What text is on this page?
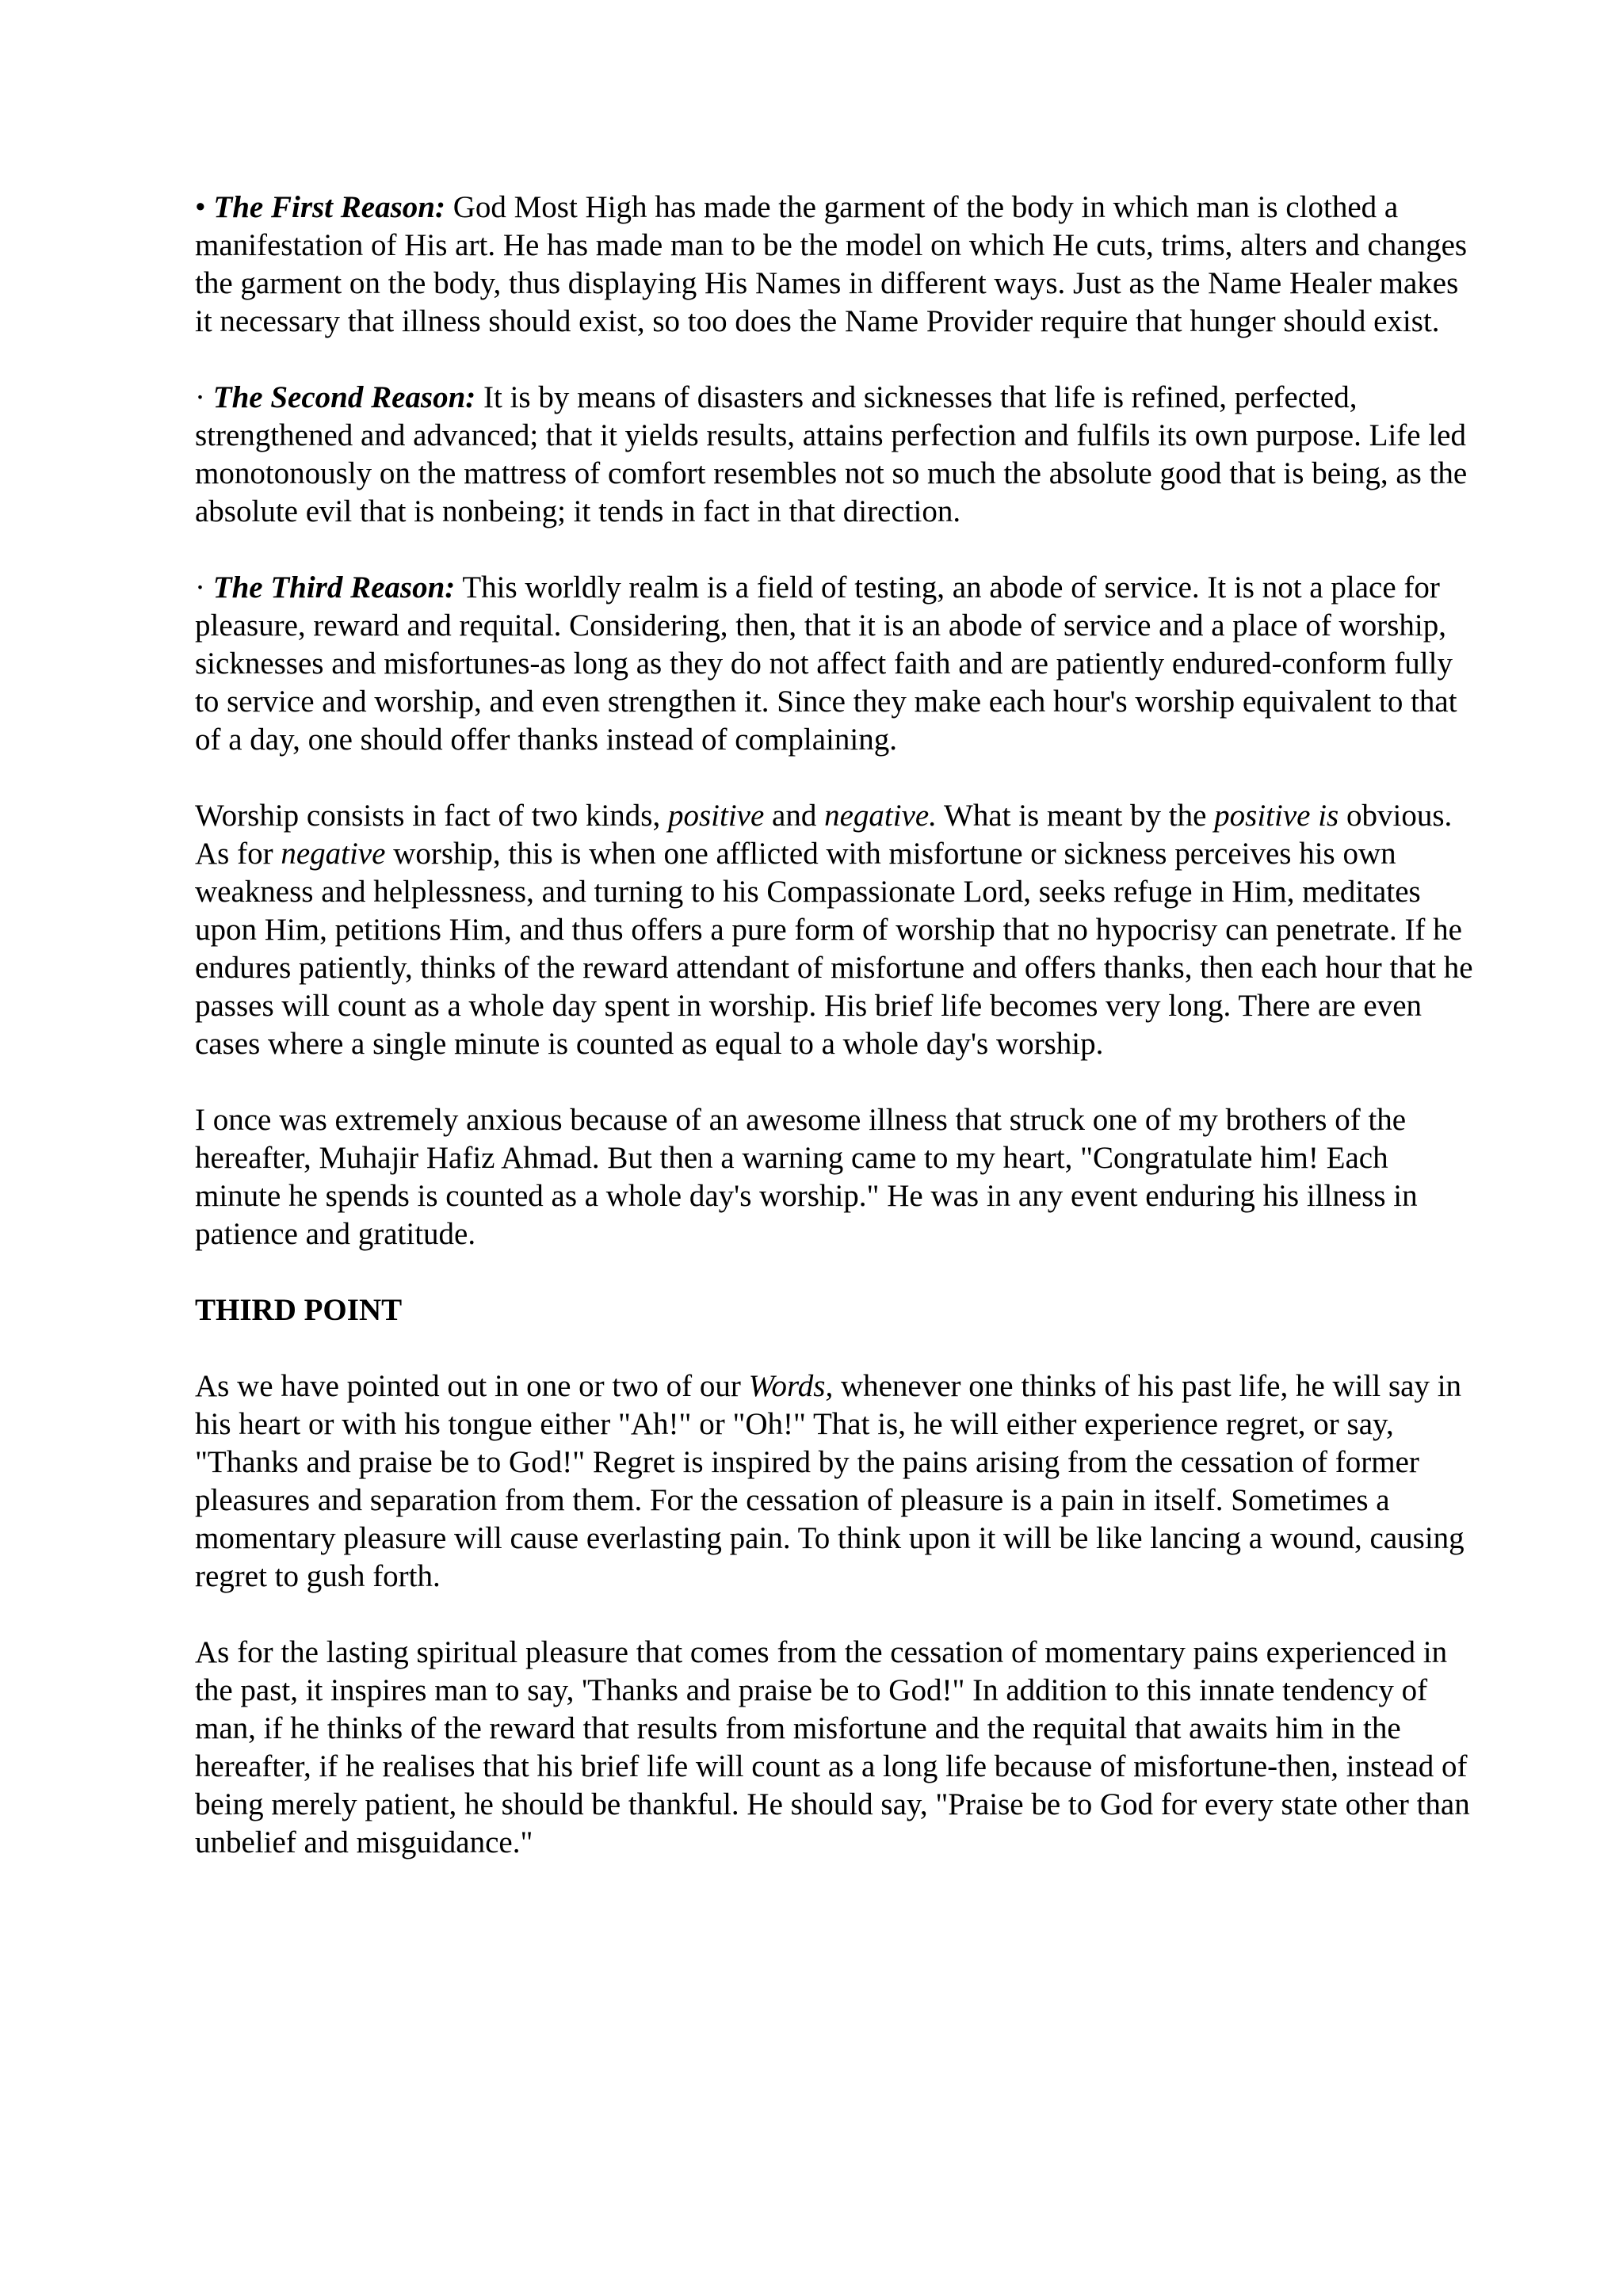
• The First Reason: God Most High has made the garment of the body in which man is clothed a manifestation of His art. He has made man to be the model on which He cuts, trims, alters and changes the garment on the body, thus displaying His Names in different ways. Just as the Name Healer makes it necessary that illness should exist, so too does the Name Provider require that hunger should exist.

· The Second Reason: It is by means of disasters and sicknesses that life is refined, perfected, strengthened and advanced; that it yields results, attains perfection and fulfils its own purpose. Life led monotonously on the mattress of comfort resembles not so much the absolute good that is being, as the absolute evil that is nonbeing; it tends in fact in that direction.

· The Third Reason: This worldly realm is a field of testing, an abode of service. It is not a place for pleasure, reward and requital. Considering, then, that it is an abode of service and a place of worship, sicknesses and misfortunes-as long as they do not affect faith and are patiently endured-conform fully to service and worship, and even strengthen it. Since they make each hour's worship equivalent to that of a day, one should offer thanks instead of complaining.

Worship consists in fact of two kinds, positive and negative. What is meant by the positive is obvious. As for negative worship, this is when one afflicted with misfortune or sickness perceives his own weakness and helplessness, and turning to his Compassionate Lord, seeks refuge in Him, meditates upon Him, petitions Him, and thus offers a pure form of worship that no hypocrisy can penetrate. If he endures patiently, thinks of the reward attendant of misfortune and offers thanks, then each hour that he passes will count as a whole day spent in worship. His brief life becomes very long. There are even cases where a single minute is counted as equal to a whole day's worship.

I once was extremely anxious because of an awesome illness that struck one of my brothers of the hereafter, Muhajir Hafiz Ahmad. But then a warning came to my heart, "Congratulate him! Each minute he spends is counted as a whole day's worship." He was in any event enduring his illness in patience and gratitude.

THIRD POINT

As we have pointed out in one or two of our Words, whenever one thinks of his past life, he will say in his heart or with his tongue either "Ah!" or "Oh!" That is, he will either experience regret, or say, "Thanks and praise be to God!" Regret is inspired by the pains arising from the cessation of former pleasures and separation from them. For the cessation of pleasure is a pain in itself. Sometimes a momentary pleasure will cause everlasting pain. To think upon it will be like lancing a wound, causing regret to gush forth.

As for the lasting spiritual pleasure that comes from the cessation of momentary pains experienced in the past, it inspires man to say, 'Thanks and praise be to God!" In addition to this innate tendency of man, if he thinks of the reward that results from misfortune and the requital that awaits him in the hereafter, if he realises that his brief life will count as a long life because of misfortune-then, instead of being merely patient, he should be thankful. He should say, "Praise be to God for every state other than unbelief and misguidance."
